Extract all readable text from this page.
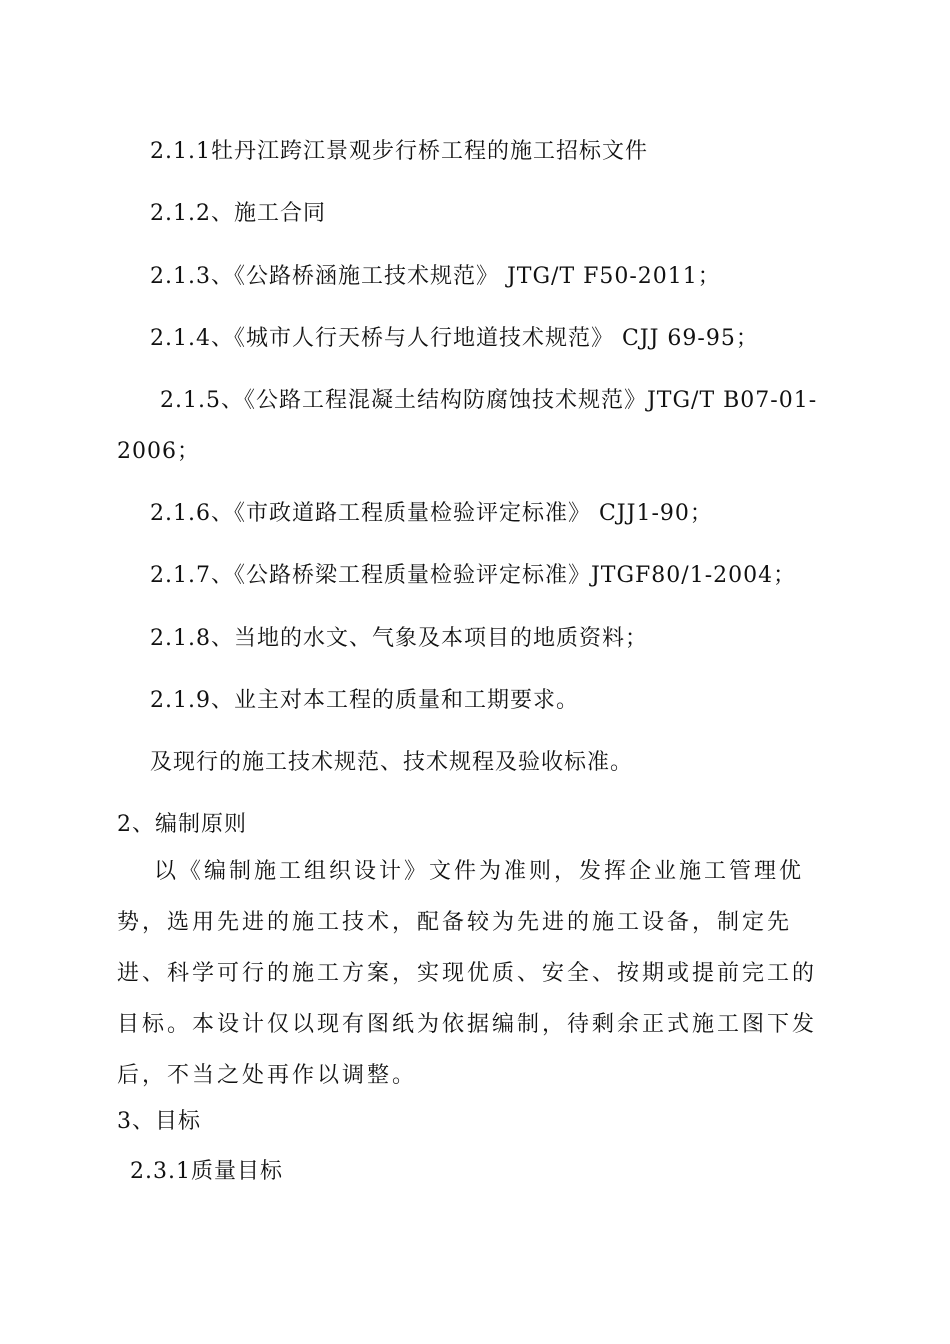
2.1.1牡丹江跨江景观步行桥工程的施工招标文件
2.1.2、施工合同
2.1.3、《公路桥涵施工技术规范》 JTG/T F50-2011；
2.1.4、《城市人行天桥与人行地道技术规范》 CJJ 69-95；
2.1.5、《公路工程混凝土结构防腐蚀技术规范》JTG/T B07-01-
2006；
2.1.6、《市政道路工程质量检验评定标准》 CJJ1-90；
2.1.7、《公路桥梁工程质量检验评定标准》JTGF80/1-2004；
2.1.8、当地的水文、气象及本项目的地质资料；
2.1.9、业主对本工程的质量和工期要求。
及现行的施工技术规范、技术规程及验收标准。
2、编制原则
以《编制施工组织设计》文件为准则，发挥企业施工管理优势，选用先进的施工技术，配备较为先进的施工设备，制定先进、科学可行的施工方案，实现优质、安全、按期或提前完工的目标。本设计仅以现有图纸为依据编制，待剩余正式施工图下发后，不当之处再作以调整。
3、目标
2.3.1质量目标
